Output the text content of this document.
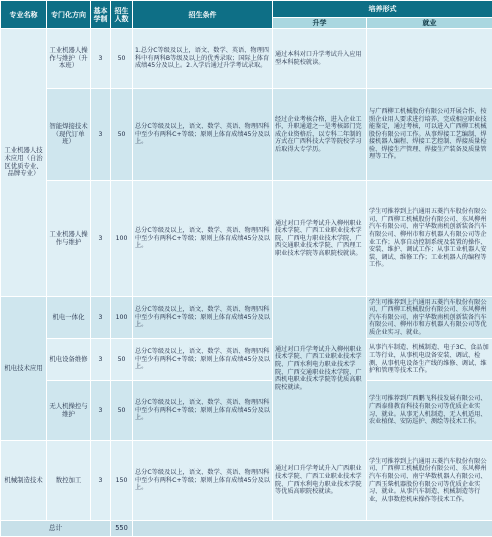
专业名称	专门化方向	基本学制	招生人数	招生条件	培养形式	
					升学	就业
工业机器人技术应用（自治区优质专业、品牌专业）	工业机器人操作与维护（升本班）	3	50	1.总分C等级及以上，语文、数学、英语、物理四科中有两科B等级及以上的优秀录取；国际上体育成绩45分及以上。2.入学后通过升学考试录取。	通过本科对口升学考试升入应用型本科院校就读。	
	智能焊接技术（现代订单班）	3	50	总分C等级及以上，语文、数学、英语、物理四科中至少有两科C+等级；原则上体育成绩45分及以上。	经过企业考核合格，进入企业工作，升职通道之一是考核部门完成企业资格后，以专科二年制的方式在广西科技大学等院校学习后取得大专学历。	与广西柳工机械股份有限公司开展合作，按照企业用人要求进行培养，完成相应职业技能鉴定，通过考核，可以进入广西柳工机械股份有限公司工作。从事焊接工艺编制、焊接机器人编程、焊接工艺控制、焊接质量检验、焊接生产管理、焊接生产装备及质量管理等工作。
	工业机器人操作与维护	3	100	总分C等级及以上，语文、数学、英语、物理四科中至少有两科C+等级；原则上体育成绩45分及以上。	通过对口升学考试升入柳州职业技术学院、广西工业职业技术学院、广西电力职业技术学院、广西交通职业技术学院、广西理工职业技术学院等高职院校就读。	学生可推荐到上汽通用五菱汽车股份有限公司、广西柳工机械股份有限公司、东风柳州汽车有限公司、南宁华数南机创新装备汽车有限公司、柳州市和方机器人有限公司等企业工作；从事自动控制系统及装置的操作、安装、维护、调试工作；从事工业机器人安装、调试、维修工作；工业机器人的编程等工作。
机电技术应用	机电一体化	3	100	总分C等级及以上，语文、数学、英语、物理四科中至少有两科C+等级；原则上体育成绩45分及以上。	通过对口升学考试升入柳州职业技术学院、广西工业职业技术学院、广西水利电力职业技术学院、广西交通职业技术学院、广西机电职业技术学院等优质高职院校就读。	学生可推荐到上汽通用五菱汽车股份有限公司、广西柳工机械股份有限公司、东风柳州汽车有限公司、南宁华数南机创新装备汽车有限公司、柳州市和方机器人有限公司等优质企业实习、就业。
	机电设备维修	3	50	总分C等级及以上，语文、数学、英语、物理四科中至少有两科C+等级；原则上体育成绩45分及以上。		从事汽车制造、机械制造、电子3C、食品加工等行业，从事机电设备安装、调试、检测，从事机电设备生产线的维修、调试、维护和管理等技术工作。
	无人机操控与维护	3	50	总分C等级及以上，语文、数学、英语、物理四科中至少有两科C+等级；原则上体育成绩45分及以上。		学生可推荐到广西鹏飞科技发展有限公司、广西泰鼎教育科技有限公司等优质企业实习、就业。从事无人机制造、无人机适用、农业植保、安防巡护、测绘等技术工作。
机械制造技术	数控加工	3	150	总分C等级及以上，语文、数学、英语、物理四科中至少有两科C+等级；原则上体育成绩45分及以上。	通过对口升学考试升入广西职业技术学院、广西工业职业技术学院、广西水利电力职业技术学院等优质高职院校就读。	学生可推荐到上汽通用五菱汽车股份有限公司、广西柳工机械股份有限公司、东风柳州汽车有限公司、南宁华数机器人有限公司、广西玉柴机器股份有限公司等优质企业实习、就业。从事汽车制造、机械制造等行业，从事数控机床操作等技术工作。
总计			550			
